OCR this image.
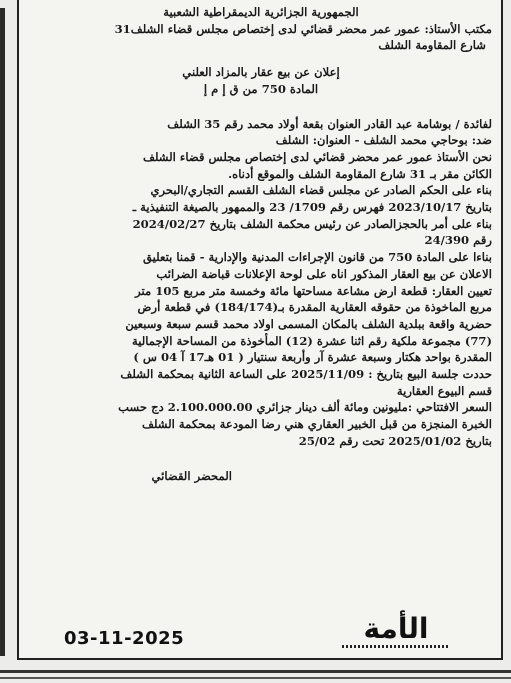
الجمهورية الجزائرية الديمقراطية الشعبية
مكتب الأستاذ: عمور عمر محضر قضائي لدى إختصاص مجلس قضاء الشلف31
شارع المقاومة الشلف
إعلان عن بيع عقار بالمزاد العلني
المادة 750 من ق إ م إ
لفائدة / بوشامة عبد القادر العنوان بقعة أولاد محمد رقم 35 الشلف
ضد: بوحاجي محمد الشلف - العنوان: الشلف
نحن الأستاذ عمور عمر محضر قضائي لدى إختصاص مجلس قضاء الشلف
الكائن مقر بـ 31 شارع المقاومة الشلف والموقع أدناه.
بناء على الحكم الصادر عن مجلس قضاء الشلف القسم التجاري/البحري
بتاريخ 2023/10/17 فهرس رقم 1709/ 23 والممهور بالصيغة التنفيذية ـ
بناء على أمر بالحجزالصادر عن رئيس محكمة الشلف بتاريخ 2024/02/27
رقم 24/390
بناءا على المادة 750 من قانون الإجراءات المدنية والإدارية - قمنا بتعليق
الاعلان عن بيع العقار المذكور اناه على لوحة الإعلانات قباضة الضرائب
تعيين العقار: قطعة ارض مشاعة مساحتها مائة وخمسة متر مربع 105 متر
مربع الماخوذة من حقوقه العقارية المقدرة بـ(184/174) في قطعة أرض
حضرية واقعة ببلدية الشلف بالمكان المسمى اولاد محمد قسم سبعة وسبعين
(77) مجموعة ملكية رقم اثنا عشرة (12) المأخوذة من المساحة الإجمالية
المقدرة بواحد هكتار وسبعة عشرة آر وأربعة سنتيار ( 01 هـ17 آ 04 س )
حددت جلسة البيع بتاريخ : 2025/11/09 على الساعة الثانية بمحكمة الشلف
قسم البيوع العقارية
السعر الافتتاحي :مليونين ومائة ألف دينار جزائري 2.100.000.00 دج حسب
الخبرة المنجزة من قبل الخبير العقاري هني رضا المودعة بمحكمة الشلف
بتاريخ 2025/01/02 تحت رقم 25/02
المحضر القضائي
الأمة
03-11-2025
